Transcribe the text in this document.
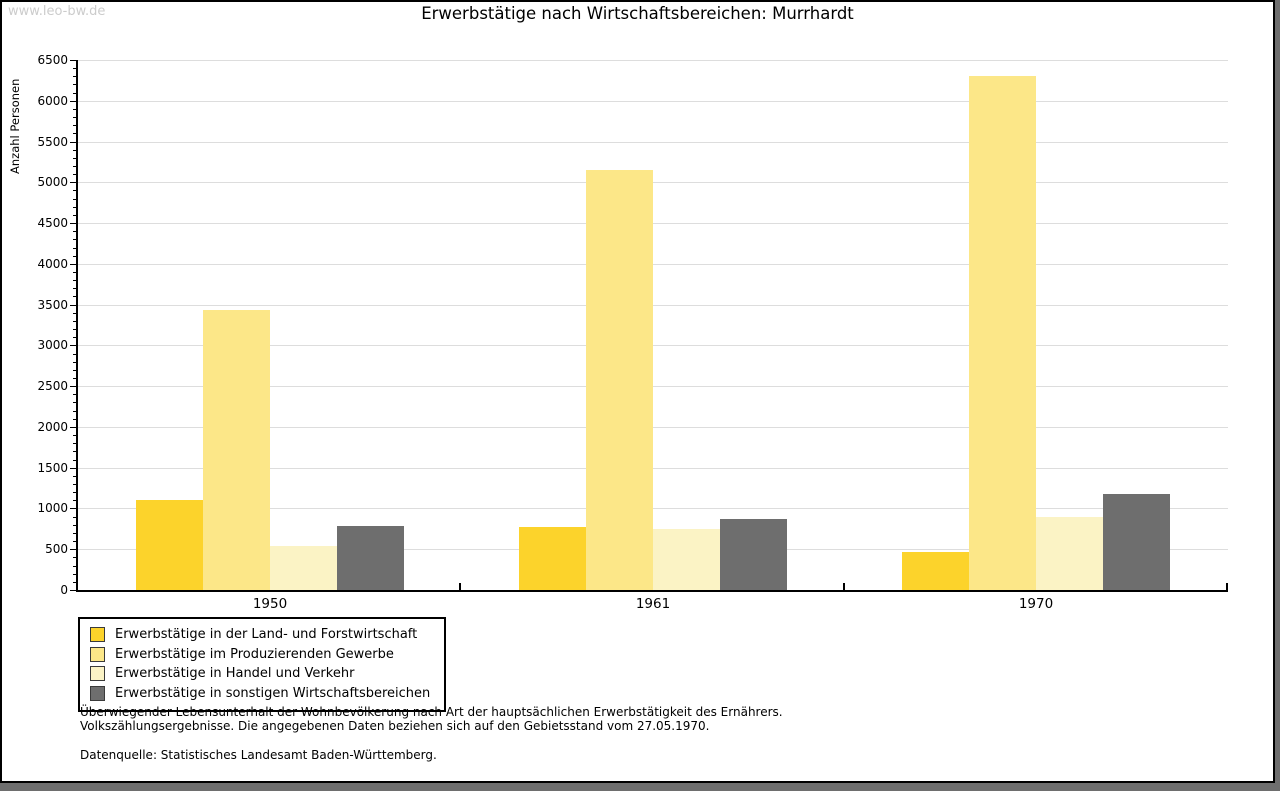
www.leo-bw.de	Erwerbstätige nach Wirtschaftsbereichen: Murrhardt
Anzahl Personen
1950	1961	1970
0
500
1000
1500
2000
2500
3000
3500
4000
4500
5000
5500
6000
6500
Erwerbstätige in der Land- und Forstwirtschaft
Erwerbstätige im Produzierenden Gewerbe
Erwerbstätige in Handel und Verkehr
Erwerbstätige in sonstigen Wirtschaftsbereichen
Überwiegender Lebensunterhalt der Wohnbevölkerung nach Art der hauptsächlichen Erwerbstätigkeit des Ernährers.
Volkszählungsergebnisse. Die angegebenen Daten beziehen sich auf den Gebietsstand vom 27.05.1970.
Datenquelle: Statistisches Landesamt Baden-Württemberg.
